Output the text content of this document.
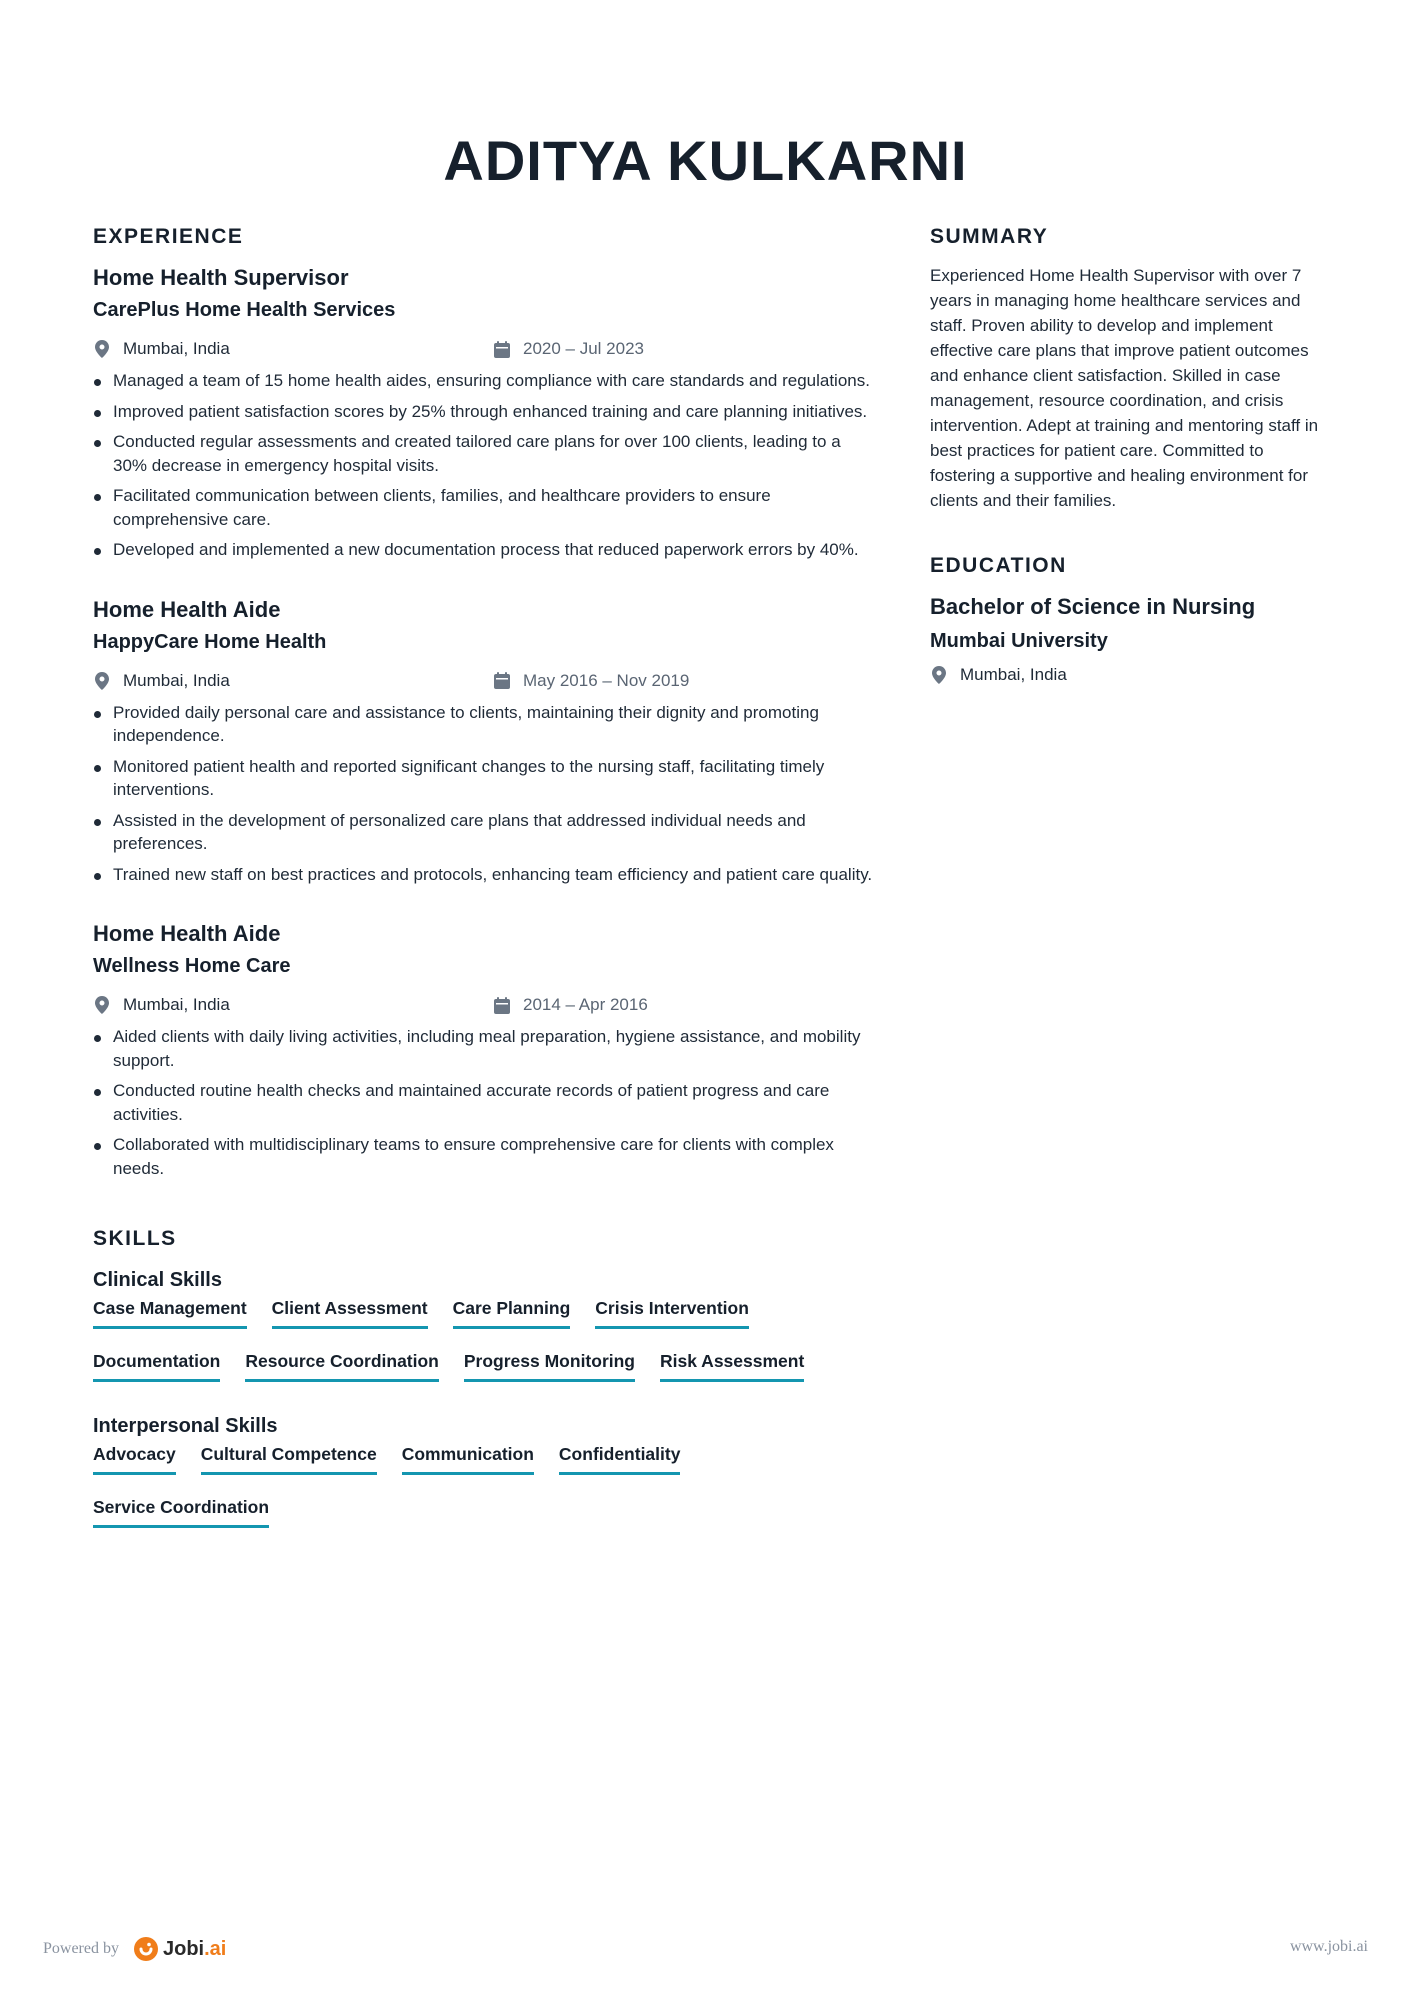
ADITYA KULKARNI
EXPERIENCE
Home Health Supervisor
CarePlus Home Health Services
Mumbai, India	2020 – Jul 2023
Managed a team of 15 home health aides, ensuring compliance with care standards and regulations.
Improved patient satisfaction scores by 25% through enhanced training and care planning initiatives.
Conducted regular assessments and created tailored care plans for over 100 clients, leading to a 30% decrease in emergency hospital visits.
Facilitated communication between clients, families, and healthcare providers to ensure comprehensive care.
Developed and implemented a new documentation process that reduced paperwork errors by 40%.
Home Health Aide
HappyCare Home Health
Mumbai, India	May 2016 – Nov 2019
Provided daily personal care and assistance to clients, maintaining their dignity and promoting independence.
Monitored patient health and reported significant changes to the nursing staff, facilitating timely interventions.
Assisted in the development of personalized care plans that addressed individual needs and preferences.
Trained new staff on best practices and protocols, enhancing team efficiency and patient care quality.
Home Health Aide
Wellness Home Care
Mumbai, India	2014 – Apr 2016
Aided clients with daily living activities, including meal preparation, hygiene assistance, and mobility support.
Conducted routine health checks and maintained accurate records of patient progress and care activities.
Collaborated with multidisciplinary teams to ensure comprehensive care for clients with complex needs.
SKILLS
Clinical Skills
Case Management Client Assessment Care Planning Crisis Intervention
Documentation Resource Coordination Progress Monitoring Risk Assessment
Interpersonal Skills
Advocacy Cultural Competence Communication Confidentiality
Service Coordination
SUMMARY
Experienced Home Health Supervisor with over 7 years in managing home healthcare services and staff. Proven ability to develop and implement effective care plans that improve patient outcomes and enhance client satisfaction. Skilled in case management, resource coordination, and crisis intervention. Adept at training and mentoring staff in best practices for patient care. Committed to fostering a supportive and healing environment for clients and their families.
EDUCATION
Bachelor of Science in Nursing
Mumbai University
Mumbai, India
Powered by Jobi.ai	www.jobi.ai
